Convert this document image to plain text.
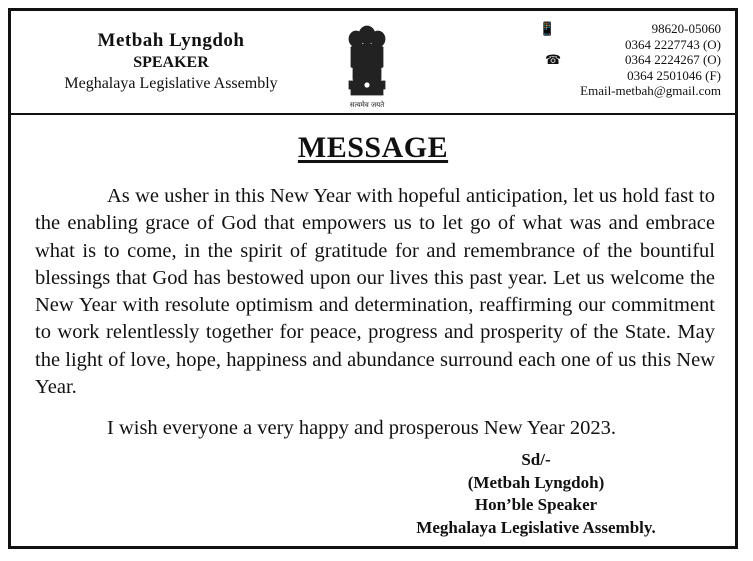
Metbah Lyngdoh
SPEAKER
Meghalaya Legislative Assembly
सत्यमेव जयते
📱	98620-05060
0364 2227743 (O)
☎	0364 2224267 (O)
0364 2501046 (F)
Email-metbah@gmail.com
MESSAGE

As we usher in this New Year with hopeful anticipation, let us hold fast to the enabling grace of God that empowers us to let go of what was and embrace what is to come, in the spirit of gratitude for and remembrance of the bountiful blessings that God has bestowed upon our lives this past year. Let us welcome the New Year with resolute optimism and determination, reaffirming our commitment to work relentlessly together for peace, progress and prosperity of the State. May the light of love, hope, happiness and abundance surround each one of us this New Year.

I wish everyone a very happy and prosperous New Year 2023.

Sd/-
(Metbah Lyngdoh)
Hon’ble Speaker
Meghalaya Legislative Assembly.
